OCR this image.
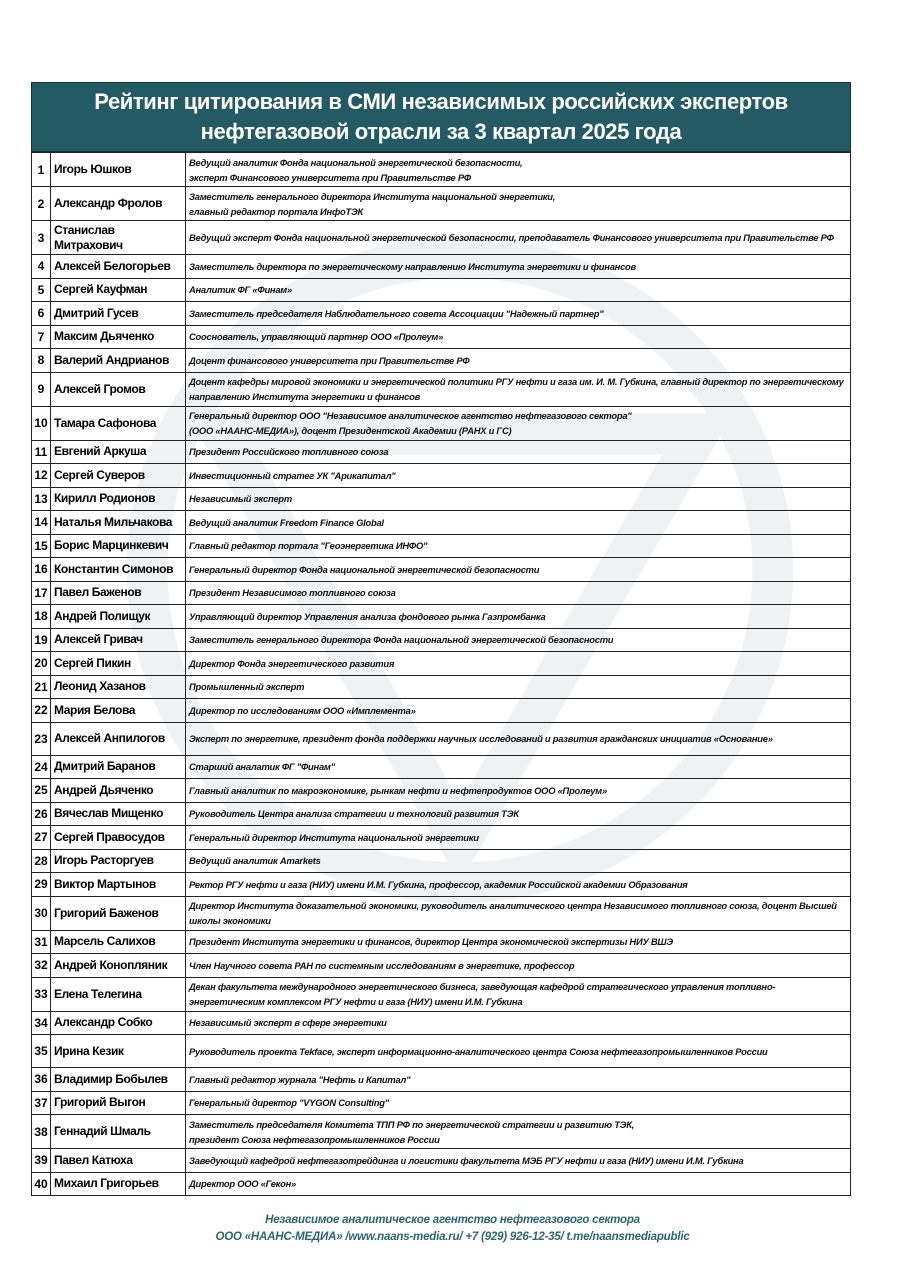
Рейтинг цитирования в СМИ независимых российских экспертов
нефтегазовой отрасли за 3 квартал 2025 года
1	Игорь Юшков	Ведущий аналитик Фонда национальной энергетической безопасности,
эксперт Финансового университета при Правительстве РФ

2	Александр Фролов	Заместитель генерального директора Института национальной энергетики,
главный редактор портала ИнфоТЭК

3	Станислав Митрахович	Ведущий эксперт Фонда национальной энергетической безопасности, преподаватель Финансового университета при Правительстве РФ

4	Алексей Белогорьев	Заместитель директора по энергетическому направлению Института энергетики и финансов

5	Сергей Кауфман	Аналитик ФГ «Финам»

6	Дмитрий Гусев	Заместитель председателя Наблюдательного совета Ассоциации "Надежный партнер"

7	Максим Дьяченко	Сооснователь, управляющий партнер ООО «Пролеум»

8	Валерий Андрианов	Доцент финансового университета при Правительстве РФ

9	Алексей Громов	Доцент кафедры мировой экономики и энергетической политики РГУ нефти и газа им. И. М. Губкина, главный директор по энергетическому направлению Института энергетики и финансов

10	Тамара Сафонова	Генеральный директор ООО "Независимое аналитическое агентство нефтегазового сектора"
(ООО «НААНС-МЕДИА»), доцент Президентской Академии (РАНХ и ГС)

11	Евгений Аркуша	Президент Российского топливного союза

12	Сергей Суверов	Инвестиционный стратег УК "Арикапитал"

13	Кирилл Родионов	Независимый эксперт

14	Наталья Мильчакова	Ведущий аналитик Freedom Finance Global

15	Борис Марцинкевич	Главный редактор портала "Геоэнергетика ИНФО"

16	Константин Симонов	Генеральный директор Фонда национальной энергетической безопасности

17	Павел Баженов	Президент Независимого топливного союза

18	Андрей Полищук	Управляющий директор Управления анализа фондового рынка Газпромбанка

19	Алексей Гривач	Заместитель генерального директора Фонда национальной энергетической безопасности

20	Сергей Пикин	Директор Фонда энергетического развития

21	Леонид Хазанов	Промышленный эксперт

22	Мария Белова	Директор по исследованиям ООО «Имплемента»

23	Алексей Анпилогов	Эксперт по энергетике, президент фонда поддержки научных исследований и развития гражданских инициатив «Основание»

24	Дмитрий Баранов	Старший аналатик ФГ "Финам"

25	Андрей Дьяченко	Главный аналитик по макроэкономике, рынкам нефти и нефтепродуктов ООО «Пролеум»

26	Вячеслав Мищенко	Руководитель Центра анализа стратегии и технологий развития ТЭК

27	Сергей Правосудов	Генеральный директор Института национальной энергетики

28	Игорь Расторгуев	Ведущий аналитик Amarkets

29	Виктор Мартынов	Ректор РГУ нефти и газа (НИУ) имени И.М. Губкина, профессор, академик Российской академии Образования

30	Григорий Баженов	Директор Института доказательной экономики, руководитель аналитического центра Независимого топливного союза, доцент Высшей школы экономики

31	Марсель Салихов	Президент Института энергетики и финансов, директор Центра экономической экспертизы НИУ ВШЭ

32	Андрей Конопляник	Член Научного совета РАН по системным исследованиям в энергетике, профессор

33	Елена Телегина	Декан факультета международного энергетического бизнеса, заведующая кафедрой стратегического управления топливно-энергетическим комплексом РГУ нефти и газа (НИУ) имени И.М. Губкина

34	Александр Собко	Независимый эксперт в сфере энергетики

35	Ирина Кезик	Руководитель проекта Tekface, эксперт информационно-аналитического центра Союза нефтегазопромышленников России

36	Владимир Бобылев	Главный редактор журнала "Нефть и Капитал"

37	Григорий Выгон	Генеральный директор "VYGON Consulting"

38	Геннадий Шмаль	Заместитель председателя Комитета ТПП РФ по энергетической стратегии и развитию ТЭК,
президент Союза нефтегазопромышленников России

39	Павел Катюха	Заведующий кафедрой нефтегазотрейдинга и логистики факультета МЭБ РГУ нефти и газа (НИУ) имени И.М. Губкина

40	Михаил Григорьев	Директор ООО «Гекон»
Независимое аналитическое агентство нефтегазового сектора
ООО «НААНС-МЕДИА» /www.naans-media.ru/ +7 (929) 926-12-35/ t.me/naansmediapublic
